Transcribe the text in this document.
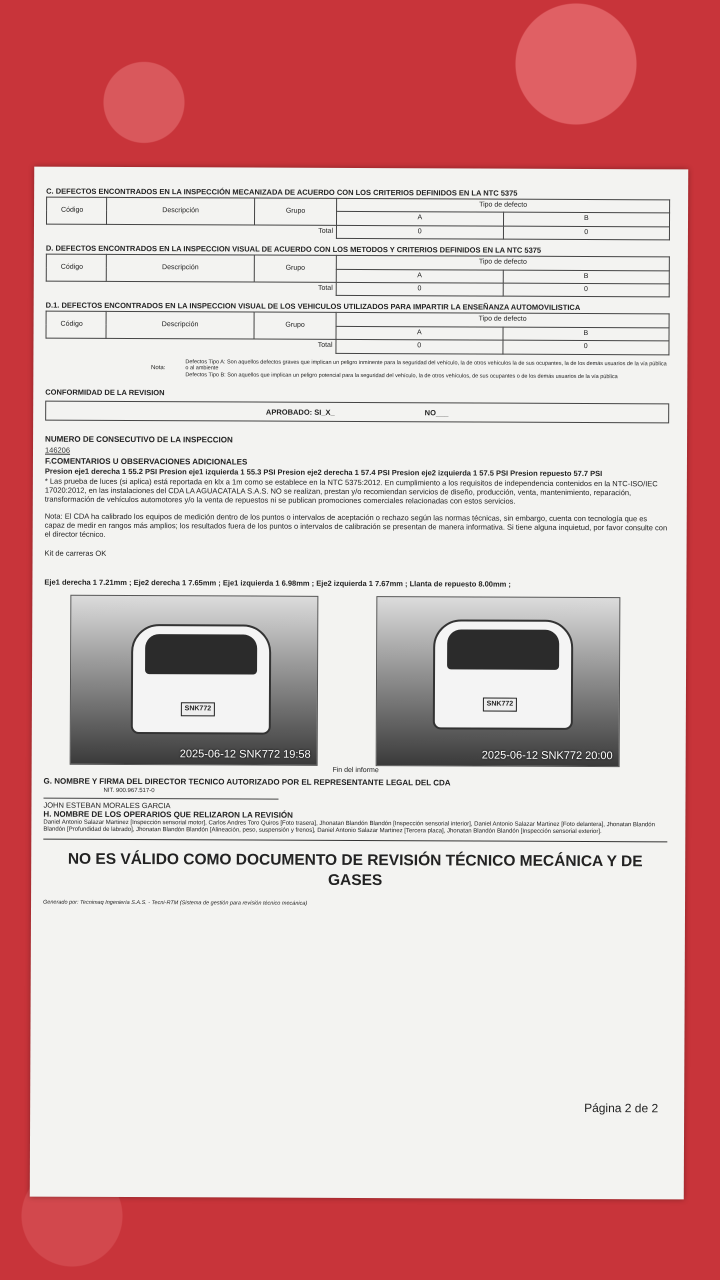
C. DEFECTOS ENCONTRADOS EN LA INSPECCIÓN MECANIZADA DE ACUERDO CON LOS CRITERIOS DEFINIDOS EN LA NTC 5375
Código	Descripción	Grupo	Tipo de defecto	
			A	B
Total			0	0
D. DEFECTOS ENCONTRADOS EN LA INSPECCION VISUAL DE ACUERDO CON LOS METODOS Y CRITERIOS DEFINIDOS EN LA NTC 5375
Código	Descripción	Grupo	Tipo de defecto	
			A	B
Total			0	0
D.1. DEFECTOS ENCONTRADOS EN LA INSPECCION VISUAL DE LOS VEHICULOS UTILIZADOS PARA IMPARTIR LA ENSEÑANZA AUTOMOVILISTICA
Código	Descripción	Grupo	Tipo de defecto	
			A	B
Total			0	0
Nota:
Defectos Tipo A: Son aquellos defectos graves que implican un peligro inminente para la seguridad del vehículo, la de otros vehículos la de sus ocupantes, la de los demás usuarios de la vía pública o al ambiente
Defectos Tipo B: Son aquellos que implican un peligro potencial para la seguridad del vehículo, la de otros vehículos, de sus ocupantes o de los demás usuarios de la vía pública
CONFORMIDAD DE LA REVISION
APROBADO: SI_X_	NO___
NUMERO DE CONSECUTIVO DE LA INSPECCION
146206
F.COMENTARIOS U OBSERVACIONES ADICIONALES
Presion eje1 derecha 1 55.2 PSI Presion eje1 izquierda 1 55.3 PSI Presion eje2 derecha 1 57.4 PSI Presion eje2 izquierda 1 57.5 PSI Presion repuesto 57.7 PSI
* Las prueba de luces (si aplica) está reportada en klx a 1m como se establece en la NTC 5375:2012. En cumplimiento a los requisitos de independencia contenidos en la NTC-ISO/IEC 17020:2012, en las instalaciones del CDA LA AGUACATALA S.A.S. NO se realizan, prestan y/o recomiendan servicios de diseño, producción, venta, mantenimiento, reparación, transformación de vehículos automotores y/o la venta de repuestos ni se publican promociones comerciales relacionadas con estos servicios.
Nota: El CDA ha calibrado los equipos de medición dentro de los puntos o intervalos de aceptación o rechazo según las normas técnicas, sin embargo, cuenta con tecnología que es capaz de medir en rangos más amplios; los resultados fuera de los puntos o intervalos de calibración se presentan de manera informativa. Si tiene alguna inquietud, por favor consulte con el director técnico.
Kit de carreras OK
Eje1 derecha 1 7.21mm ; Eje2 derecha 1 7.65mm ; Eje1 izquierda 1 6.98mm ; Eje2 izquierda 1 7.67mm ; Llanta de repuesto 8.00mm ;
SNK772
2025-06-12 SNK772 19:58
SNK772
2025-06-12 SNK772 20:00
Fin del informe
G. NOMBRE Y FIRMA DEL DIRECTOR TECNICO AUTORIZADO POR EL REPRESENTANTE LEGAL DEL CDA
NIT. 900.967.517-0
JOHN ESTEBAN MORALES GARCIA
H. NOMBRE DE LOS OPERARIOS QUE RELIZARON LA REVISIÓN
Daniel Antonio Salazar Martinez [Inspección sensorial motor], Carlos Andres Toro Quiros [Foto trasera], Jhonatan Blandón Blandón [Inspección sensorial interior], Daniel Antonio Salazar Martinez [Foto delantera], Jhonatan Blandón Blandón [Profundidad de labrado], Jhonatan Blandón Blandón [Alineación, peso, suspensión y frenos], Daniel Antonio Salazar Martinez [Tercera placa], Jhonatan Blandón Blandón [Inspección sensorial exterior].
NO ES VÁLIDO COMO DOCUMENTO DE REVISIÓN TÉCNICO MECÁNICA Y DE GASES
Generado por: Tecnimaq Ingeniería S.A.S. - Tecni-RTM (Sistema de gestión para revisión técnico mecánica)
Página 2 de 2
